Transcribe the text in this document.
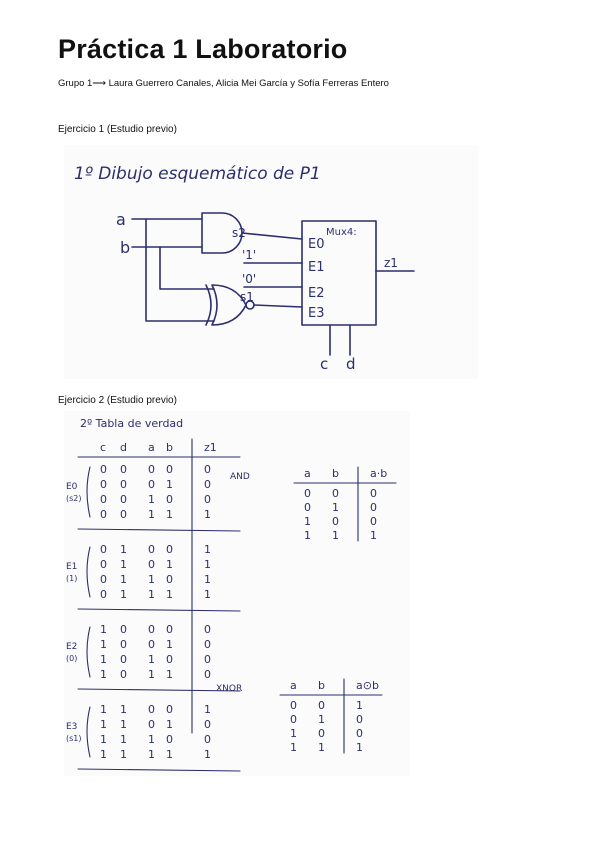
Práctica 1 Laboratorio
Grupo 1⟶ Laura Guerrero Canales, Alicia Mei García y Sofía Ferreras Entero
Ejercicio 1 (Estudio previo)
1º Dibujo esquemático de P1
a
b
s2
'1'
'0'
s1
Mux4:
E0
E1
E2
E3
z1
c d
Ejercicio 2 (Estudio previo)
2º Tabla de verdad
c d a b	z1
E0
(s2)
0 0 0 0	0
0 0 0 1	0
0 0 1 0	0
0 0 1 1	1
E1
(1)
0 1 0 0	1
0 1 0 1	1
0 1 1 0	1
0 1 1 1	1
E2
(0)
1 0 0 0	0
1 0 0 1	0
1 0 1 0	0
1 0 1 1	0
E3
(s1)
1 1 0 0	1
1 1 0 1	0
1 1 1 0	0
1 1 1 1	1
AND	a b	a·b
0 0	0
0 1	0
1 0	0
1 1	1
XNOR	a b	a⊙b
0 0	1
0 1	0
1 0	0
1 1	1
